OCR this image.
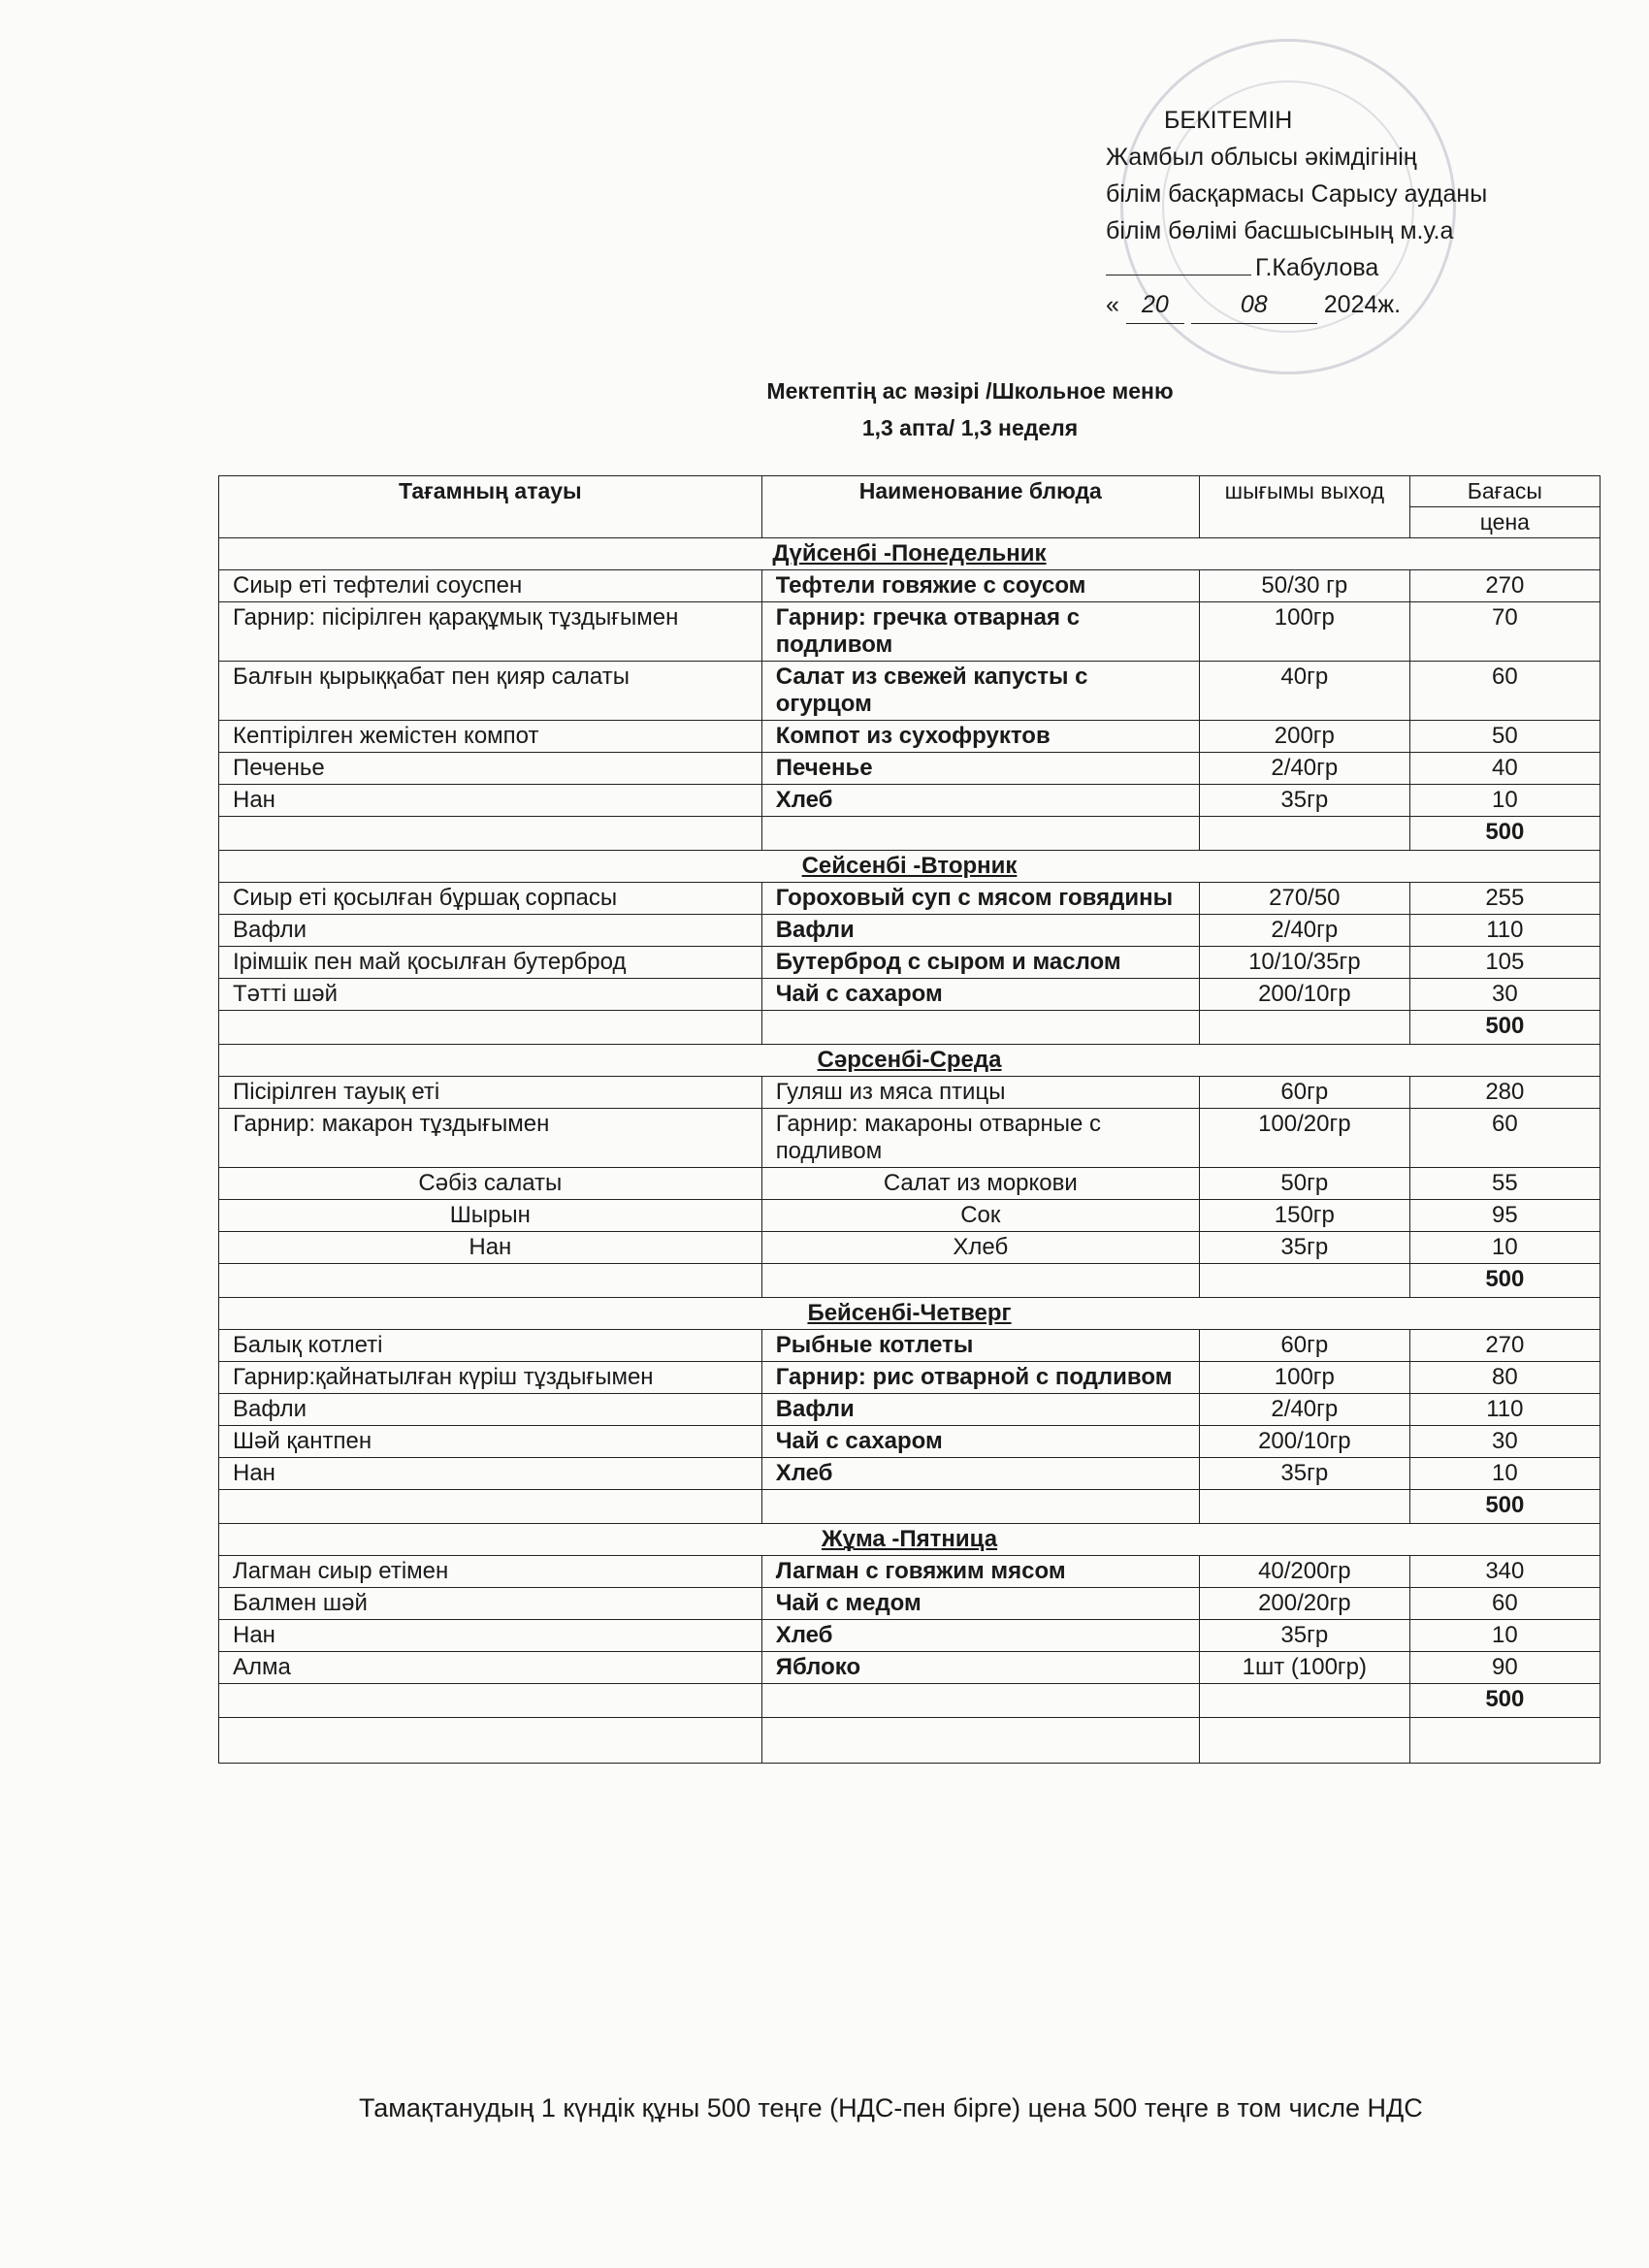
БЕКІТЕМІН
Жамбыл облысы әкімдігінің
білім басқармасы Сарысу ауданы
білім бөлімі басшысының м.у.а
Г.Кабулова
« 20	08 2024ж.
Мектептің ас мәзірі /Школьное меню
1,3 апта/ 1,3 неделя
Тағамның атауы	Наименование блюда	шығымы выход	Бағасы
			цена
Дүйсенбі -Понедельник			
Сиыр еті тефтелиі соуспен	Тефтели говяжие с соусом	50/30 гр	270
Гарнир: пісірілген қарақұмық тұздығымен	Гарнир: гречка отварная с подливом	100гр	70
Балғын қырыққабат пен қияр салаты	Салат из свежей капусты с огурцом	40гр	60
Кептірілген жемістен компот	Компот из сухофруктов	200гр	50
Печенье	Печенье	2/40гр	40
Нан	Хлеб	35гр	10
			500
Сейсенбі -Вторник			
Сиыр еті қосылған бұршақ сорпасы	Гороховый суп с мясом говядины	270/50	255
Вафли	Вафли	2/40гр	110
Ірімшік пен май қосылған бутерброд	Бутерброд с сыром и маслом	10/10/35гр	105
Тәтті шәй	Чай с сахаром	200/10гр	30
			500
Сәрсенбі-Среда			
Пісірілген тауық еті	Гуляш из мяса птицы	60гр	280
Гарнир: макарон тұздығымен	Гарнир: макароны отварные с подливом	100/20гр	60
Сәбіз салаты	Салат из моркови	50гр	55
Шырын	Сок	150гр	95
Нан	Хлеб	35гр	10
			500
Бейсенбі-Четверг			
Балық котлеті	Рыбные котлеты	60гр	270
Гарнир:қайнатылған күріш тұздығымен	Гарнир: рис отварной с подливом	100гр	80
Вафли	Вафли	2/40гр	110
Шәй қантпен	Чай с сахаром	200/10гр	30
Нан	Хлеб	35гр	10
			500
Жұма -Пятница			
Лагман сиыр етімен	Лагман с говяжим мясом	40/200гр	340
Балмен шәй	Чай с медом	200/20гр	60
Нан	Хлеб	35гр	10
Алма	Яблоко	1шт (100гр)	90
			500

Тамақтанудың 1 күндік құны 500 теңге (НДС-пен бірге) цена 500 теңге в том числе НДС
